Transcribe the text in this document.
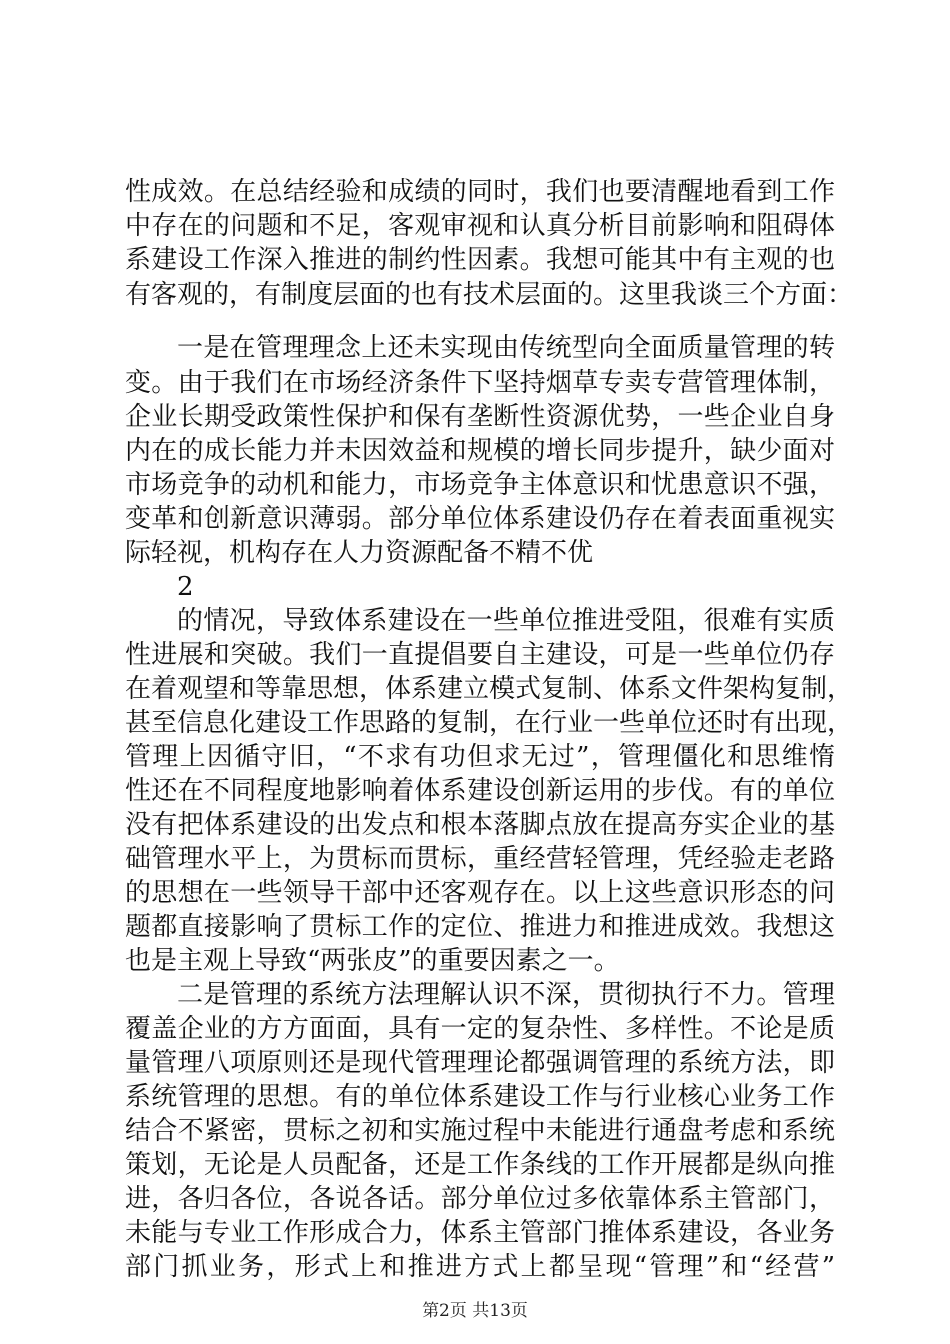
性成效。在总结经验和成绩的同时，我们也要清醒地看到工作
中存在的问题和不足，客观审视和认真分析目前影响和阻碍体
系建设工作深入推进的制约性因素。我想可能其中有主观的也
有客观的，有制度层面的也有技术层面的。这里我谈三个方面：
一是在管理理念上还未实现由传统型向全面质量管理的转
变。由于我们在市场经济条件下坚持烟草专卖专营管理体制，
企业长期受政策性保护和保有垄断性资源优势，一些企业自身
内在的成长能力并未因效益和规模的增长同步提升，缺少面对
市场竞争的动机和能力，市场竞争主体意识和忧患意识不强，
变革和创新意识薄弱。部分单位体系建设仍存在着表面重视实
际轻视，机构存在人力资源配备不精不优
2
的情况，导致体系建设在一些单位推进受阻，很难有实质
性进展和突破。我们一直提倡要自主建设，可是一些单位仍存
在着观望和等靠思想，体系建立模式复制、体系文件架构复制，
甚至信息化建设工作思路的复制，在行业一些单位还时有出现，
管理上因循守旧，“不求有功但求无过”，管理僵化和思维惰
性还在不同程度地影响着体系建设创新运用的步伐。有的单位
没有把体系建设的出发点和根本落脚点放在提高夯实企业的基
础管理水平上，为贯标而贯标，重经营轻管理，凭经验走老路
的思想在一些领导干部中还客观存在。以上这些意识形态的问
题都直接影响了贯标工作的定位、推进力和推进成效。我想这
也是主观上导致“两张皮”的重要因素之一。
二是管理的系统方法理解认识不深，贯彻执行不力。管理
覆盖企业的方方面面，具有一定的复杂性、多样性。不论是质
量管理八项原则还是现代管理理论都强调管理的系统方法，即
系统管理的思想。有的单位体系建设工作与行业核心业务工作
结合不紧密，贯标之初和实施过程中未能进行通盘考虑和系统
策划，无论是人员配备，还是工作条线的工作开展都是纵向推
进，各归各位，各说各话。部分单位过多依靠体系主管部门，
未能与专业工作形成合力，体系主管部门推体系建设，各业务
部门抓业务，形式上和推进方式上都呈现“管理”和“经营”
第2页 共13页
